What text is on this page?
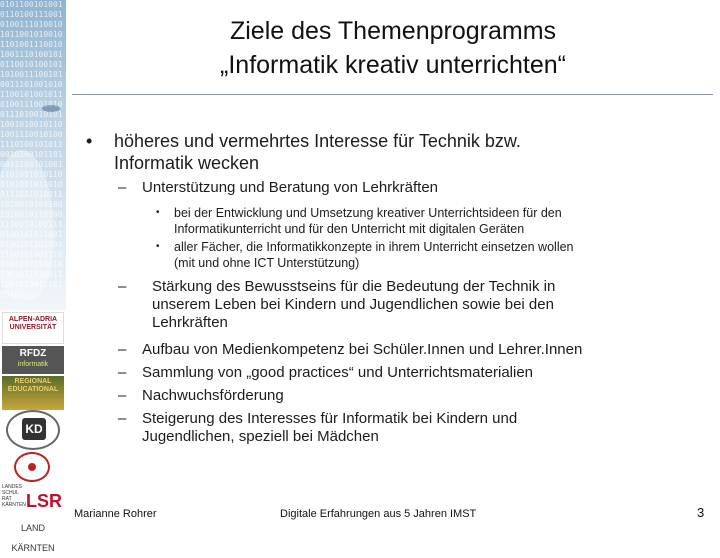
0101100101001011010011100101001110100101011001010010110100111001010011101001010110010100101101001110010100111010010101100101001011010011100101001110100101011001010010110100111001010011101001010110010100101101001110010100111010010101100101001011010011100101001110100101011001010010110100111001010011101001010110010100101101001110010100111010010101100101001011010011100101001110100101
ALPEN-ADRIA UNIVERSITÄT
RFDZ
informatik
REGIONAL EDUCATIONAL
KD
LANDES SCHUL RAT KÄRNTEN LSR
LAND KÄRNTEN
Ziele des Themenprogramms
„Informatik kreativ unterrichten“
• höheres und vermehrtes Interesse für Technik bzw.
Informatik wecken
– Unterstützung und Beratung von Lehrkräften
• bei der Entwicklung und Umsetzung kreativer Unterrichtsideen für den
Informatikunterricht und für den Unterricht mit digitalen Geräten
• aller Fächer, die Informatikkonzepte in ihrem Unterricht einsetzen wollen
(mit und ohne ICT Unterstützung)
– Stärkung des Bewusstseins für die Bedeutung der Technik in
unserem Leben bei Kindern und Jugendlichen sowie bei den
Lehrkräften
– Aufbau von Medienkompetenz bei Schüler.Innen und Lehrer.Innen
– Sammlung von „good practices“ und Unterrichtsmaterialien
– Nachwuchsförderung
– Steigerung des Interesses für Informatik bei Kindern und
Jugendlichen, speziell bei Mädchen
Marianne Rohrer	Digitale Erfahrungen aus 5 Jahren IMST	3
